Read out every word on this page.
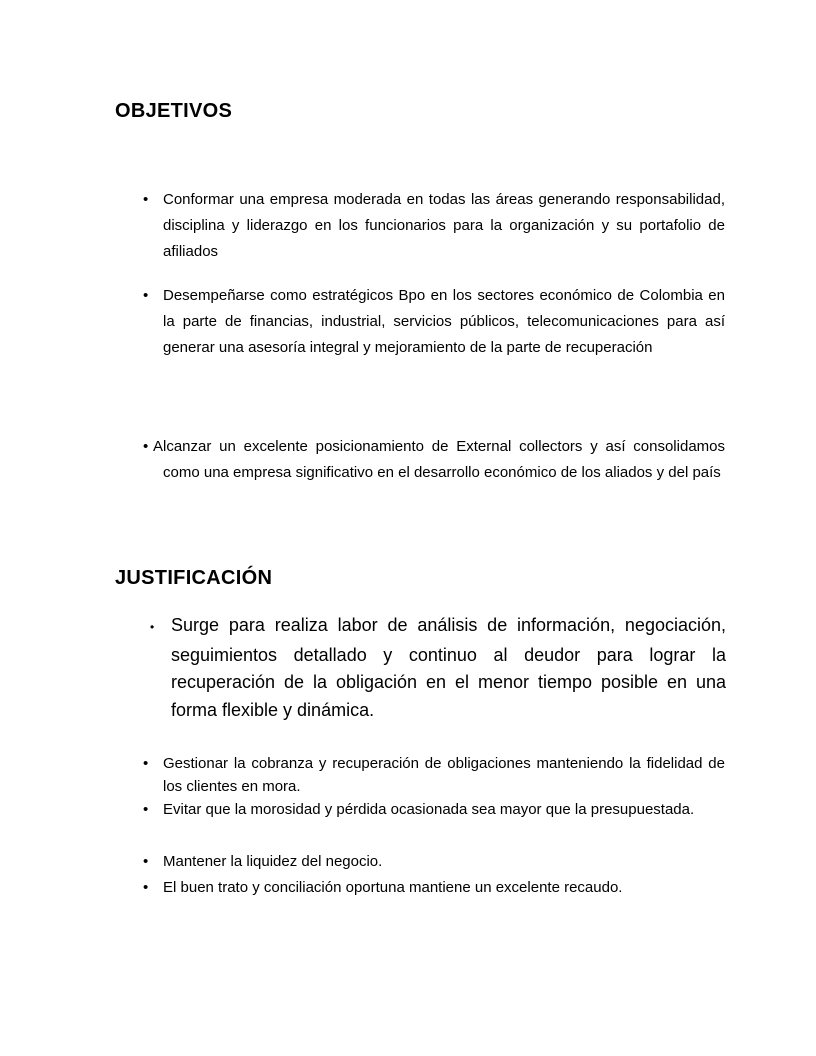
OBJETIVOS

• Conformar una empresa moderada en todas las áreas generando responsabilidad, disciplina y liderazgo en los funcionarios para la organización y su portafolio de afiliados

• Desempeñarse como estratégicos Bpo en los sectores económico de Colombia en la parte de financias, industrial, servicios públicos, telecomunicaciones para así generar una asesoría integral y mejoramiento de la parte de recuperación

• Alcanzar un excelente posicionamiento de External collectors y así consolidamos como una empresa significativo en el desarrollo económico de los aliados y del país

JUSTIFICACIÓN

• Surge para realiza labor de análisis de información, negociación, seguimientos detallado y continuo al deudor para lograr la recuperación de la obligación en el menor tiempo posible en una forma flexible y dinámica.

• Gestionar la cobranza y recuperación de obligaciones manteniendo la fidelidad de los clientes en mora.

• Evitar que la morosidad y pérdida ocasionada sea mayor que la presupuestada.

• Mantener la liquidez del negocio.

• El buen trato y conciliación oportuna mantiene un excelente recaudo.
